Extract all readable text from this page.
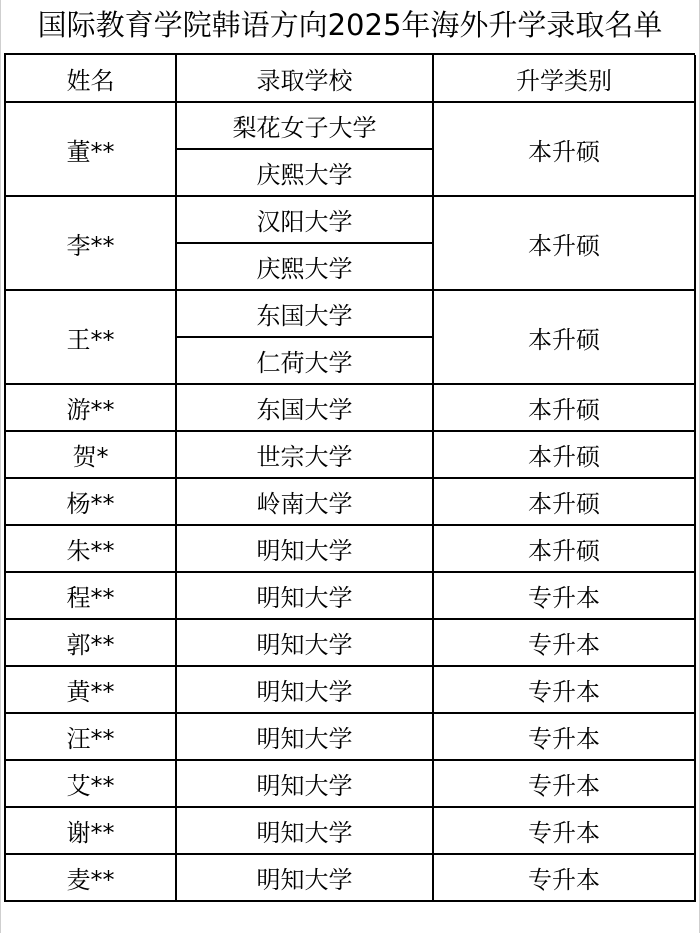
国际教育学院韩语方向2025年海外升学录取名单
姓名	录取学校	升学类别
董**	梨花女子大学	本升硕
	庆熙大学	
李**	汉阳大学	本升硕
	庆熙大学	
王**	东国大学	本升硕
	仁荷大学	
游**	东国大学	本升硕
贺*	世宗大学	本升硕
杨**	岭南大学	本升硕
朱**	明知大学	本升硕
程**	明知大学	专升本
郭**	明知大学	专升本
黄**	明知大学	专升本
汪**	明知大学	专升本
艾**	明知大学	专升本
谢**	明知大学	专升本
麦**	明知大学	专升本
